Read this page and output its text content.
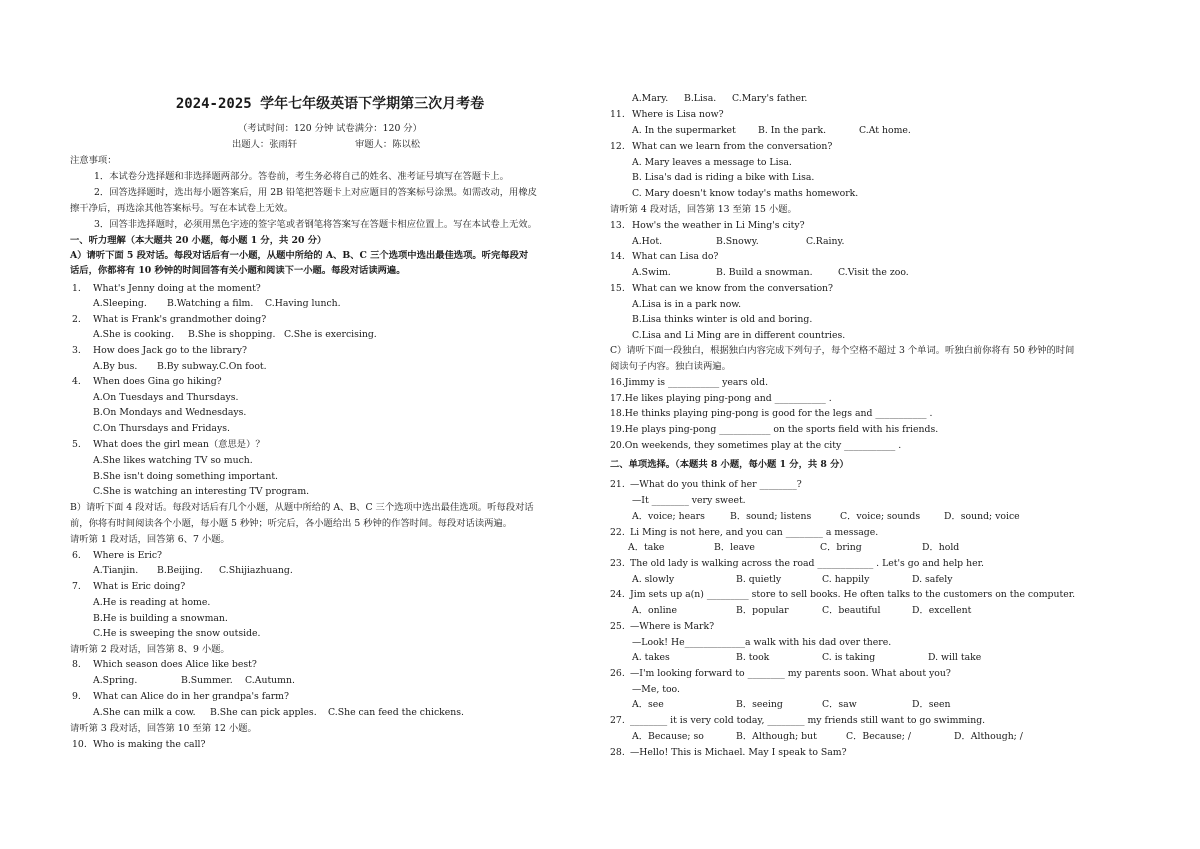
2024-2025 学年七年级英语下学期第三次月考卷
（考试时间：120 分钟 试卷满分：120 分）
出题人：张雨轩	审题人：陈以松
注意事项：
1．本试卷分选择题和非选择题两部分。答卷前，考生务必将自己的姓名、准考证号填写在答题卡上。
2．回答选择题时，选出每小题答案后，用 2B 铅笔把答题卡上对应题目的答案标号涂黑。如需改动，用橡皮
擦干净后，再选涂其他答案标号。写在本试卷上无效。
3．回答非选择题时，必须用黑色字迹的签字笔或者钢笔将答案写在答题卡相应位置上。写在本试卷上无效。
一、听力理解（本大题共 20 小题，每小题 1 分，共 20 分）
A）请听下面 5 段对话。每段对话后有一小题，从题中所给的 A、B、C 三个选项中选出最佳选项。听完每段对
话后，你都将有 10 秒钟的时间回答有关小题和阅读下一小题。每段对话读两遍。
1. What's Jenny doing at the moment?
A.Sleeping. B.Watching a film. C.Having lunch.
2. What is Frank's grandmother doing?
A.She is cooking. B.She is shopping. C.She is exercising.
3. How does Jack go to the library?
A.By bus. B.By subway. C.On foot.
4. When does Gina go hiking?
A.On Tuesdays and Thursdays.
B.On Mondays and Wednesdays.
C.On Thursdays and Fridays.
5. What does the girl mean（意思是）？
A.She likes watching TV so much.
B.She isn't doing something important.
C.She is watching an interesting TV program.
B）请听下面 4 段对话。每段对话后有几个小题，从题中所给的 A、B、C 三个选项中选出最佳选项。听每段对话
前，你将有时间阅读各个小题，每小题 5 秒钟；听完后，各小题给出 5 秒钟的作答时间。每段对话读两遍。
请听第 1 段对话，回答第 6、7 小题。
6. Where is Eric?
A.Tianjin. B.Beijing. C.Shijiazhuang.
7. What is Eric doing?
A.He is reading at home.
B.He is building a snowman.
C.He is sweeping the snow outside.
请听第 2 段对话，回答第 8、9 小题。
8. Which season does Alice like best?
A.Spring.	B.Summer. C.Autumn.
9. What can Alice do in her grandpa's farm?
A.She can milk a cow. B.She can pick apples. C.She can feed the chickens.
请听第 3 段对话，回答第 10 至第 12 小题。
10. Who is making the call?
A.Mary. B.Lisa. C.Mary's father.
11. Where is Lisa now?
A. In the supermarket B. In the park.	C.At home.
12. What can we learn from the conversation?
A. Mary leaves a message to Lisa.
B. Lisa's dad is riding a bike with Lisa.
C. Mary doesn't know today's maths homework.
请听第 4 段对话，回答第 13 至第 15 小题。
13. How's the weather in Li Ming's city?
A.Hot.	B.Snowy.	C.Rainy.
14. What can Lisa do?
A.Swim.	B. Build a snowman.	C.Visit the zoo.
15. What can we know from the conversation?
A.Lisa is in a park now.
B.Lisa thinks winter is old and boring.
C.Lisa and Li Ming are in different countries.
C）请听下面一段独白，根据独白内容完成下列句子，每个空格不超过 3 个单词。听独白前你将有 50 秒钟的时间
阅读句子内容。独白读两遍。
16.Jimmy is ___________ years old.
17.He likes playing ping-pong and ___________ .
18.He thinks playing ping-pong is good for the legs and ___________ .
19.He plays ping-pong ___________ on the sports field with his friends.
20.On weekends, they sometimes play at the city ___________ .
二、单项选择。（本题共 8 小题，每小题 1 分，共 8 分）
21. —What do you think of her ________?
—It ________ very sweet.
A．voice; hears	B．sound; listens	C．voice; sounds	D．sound; voice
22. Li Ming is not here, and you can ________ a message.
A．take	B．leave	C．bring	D．hold
23. The old lady is walking across the road ____________ . Let's go and help her.
A. slowly	B. quietly	C. happily	D. safely
24. Jim sets up a(n) _________ store to sell books. He often talks to the customers on the computer.
A．online	B．popular	C．beautiful	D．excellent
25. —Where is Mark?
—Look! He_____________a walk with his dad over there.
A. takes	B. took	C. is taking	D. will take
26. —I'm looking forward to ________ my parents soon. What about you?
—Me, too.
A．see	B．seeing	C．saw	D．seen
27. ________ it is very cold today, ________ my friends still want to go swimming.
A．Because; so	B．Although; but	C．Because; /	D．Although; /
28. —Hello! This is Michael. May I speak to Sam?
